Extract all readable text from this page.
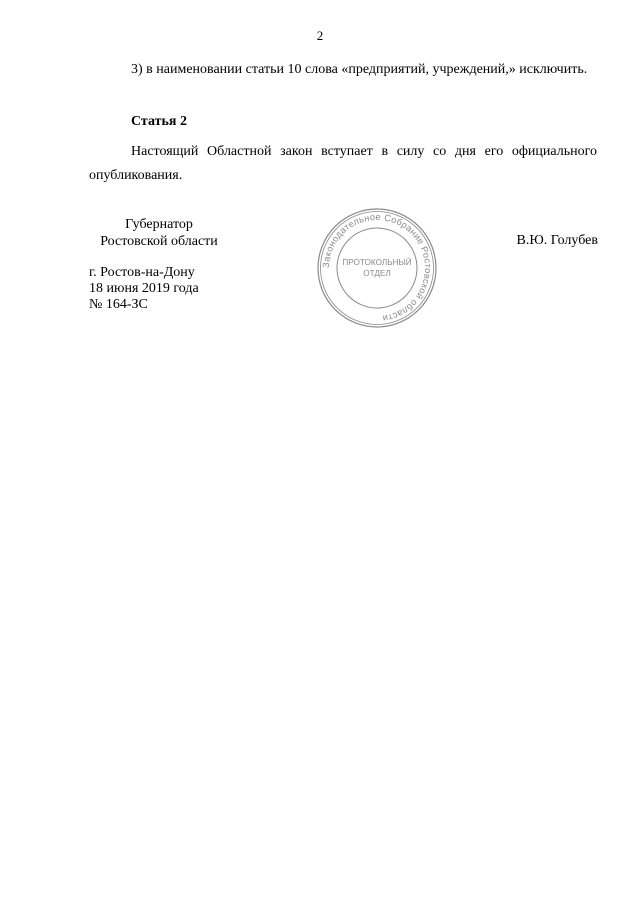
2

3) в наименовании статьи 10 слова «предприятий, учреждений,» исключить.

Статья 2

Настоящий Областной закон вступает в силу со дня его официального опубликования.

Губернатор
Ростовской области
Законодательное Собрание Ростовской области
ПРОТОКОЛЬНЫЙ
ОТДЕЛ
В.Ю. Голубев
г. Ростов-на-Дону
18 июня 2019 года
№ 164-ЗС
